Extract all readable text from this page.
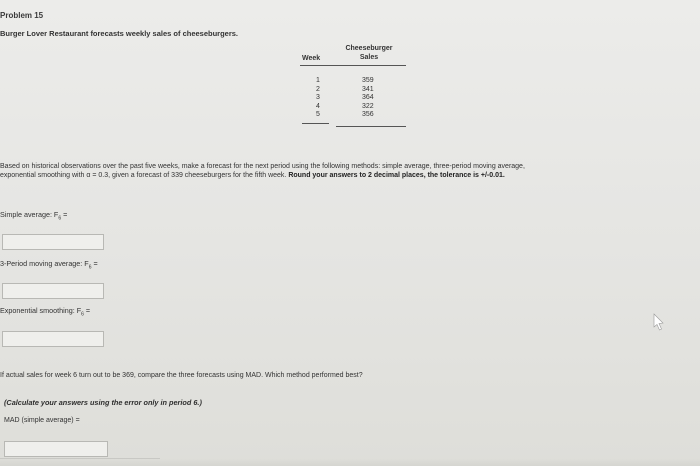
Problem 15
Burger Lover Restaurant forecasts weekly sales of cheeseburgers.
Week
Cheeseburger
Sales
1	359
2	341
3	364
4	322
5	356
Based on historical observations over the past five weeks, make a forecast for the next period using the following methods: simple average, three-period moving average,
exponential smoothing with α = 0.3, given a forecast of 339 cheeseburgers for the fifth week. Round your answers to 2 decimal places, the tolerance is +/-0.01.
Simple average: $F_6$ =
3-Period moving average: $F_6$ =
Exponential smoothing: $F_6$ =
If actual sales for week 6 turn out to be 369, compare the three forecasts using MAD. Which method performed best?
(Calculate your answers using the error only in period 6.)
MAD (simple average) =
